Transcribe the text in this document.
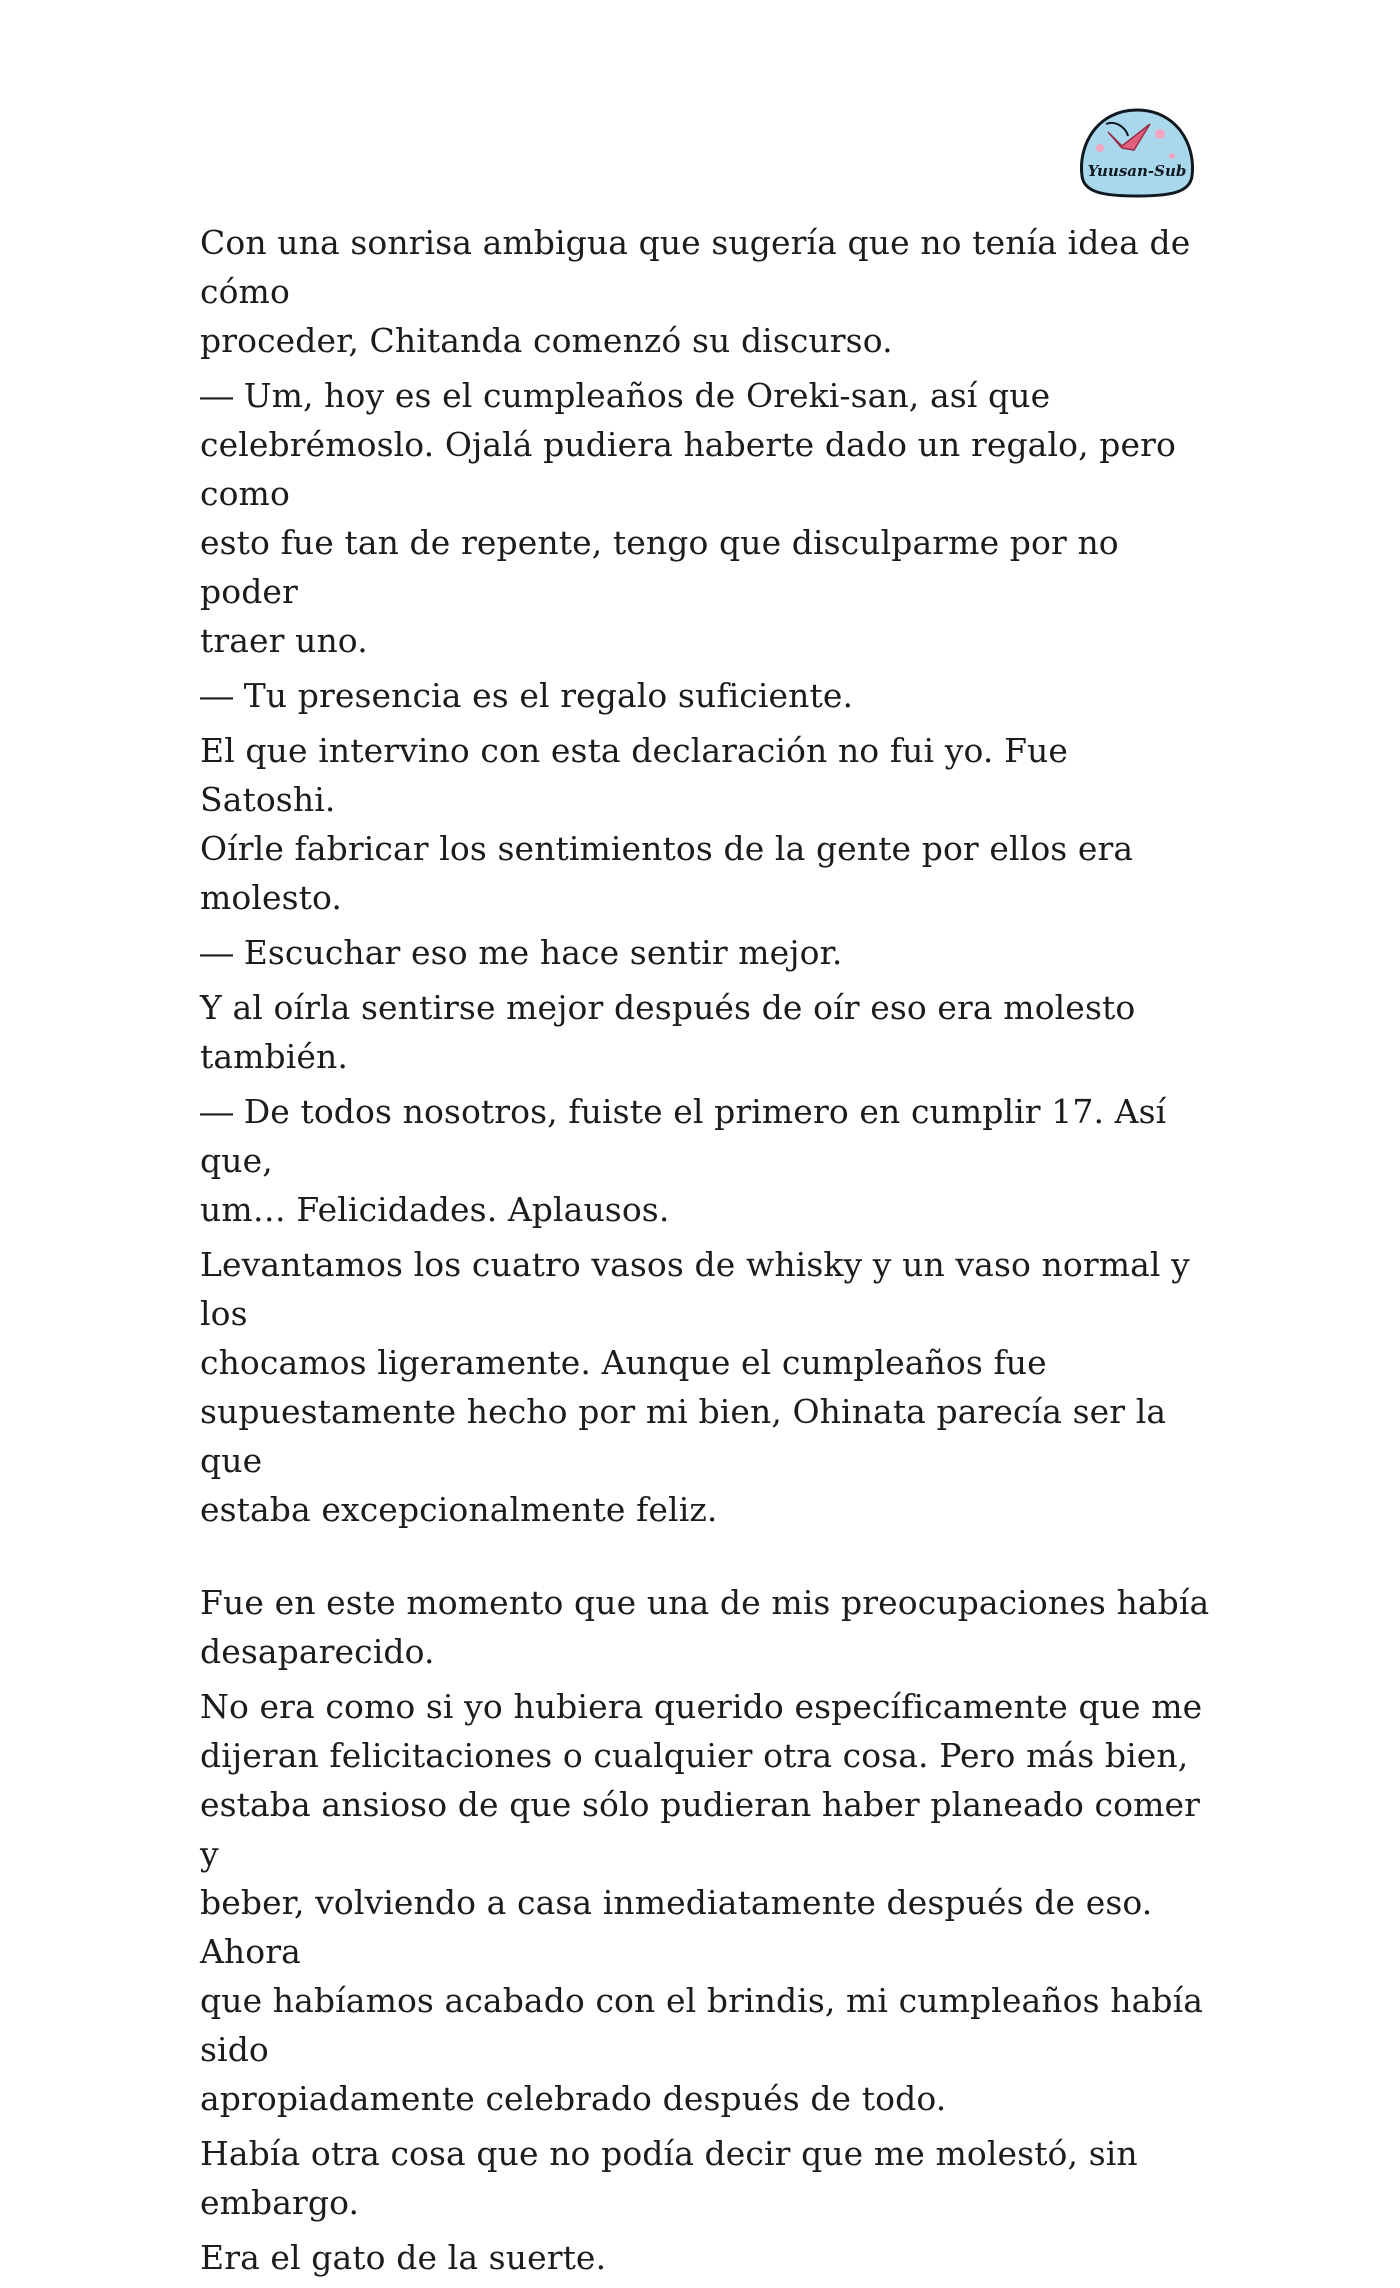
Yuusan-Sub

Con una sonrisa ambigua que sugería que no tenía idea de cómo
proceder, Chitanda comenzó su discurso.

― Um, hoy es el cumpleaños de Oreki-san, así que
celebrémoslo. Ojalá pudiera haberte dado un regalo, pero como
esto fue tan de repente, tengo que disculparme por no poder
traer uno.

― Tu presencia es el regalo suficiente.

El que intervino con esta declaración no fui yo. Fue Satoshi.
Oírle fabricar los sentimientos de la gente por ellos era molesto.

― Escuchar eso me hace sentir mejor.

Y al oírla sentirse mejor después de oír eso era molesto
también.

― De todos nosotros, fuiste el primero en cumplir 17. Así que,
um… Felicidades. Aplausos.

Levantamos los cuatro vasos de whisky y un vaso normal y los
chocamos ligeramente. Aunque el cumpleaños fue
supuestamente hecho por mi bien, Ohinata parecía ser la que
estaba excepcionalmente feliz.

Fue en este momento que una de mis preocupaciones había
desaparecido.

No era como si yo hubiera querido específicamente que me
dijeran felicitaciones o cualquier otra cosa. Pero más bien,
estaba ansioso de que sólo pudieran haber planeado comer y
beber, volviendo a casa inmediatamente después de eso. Ahora
que habíamos acabado con el brindis, mi cumpleaños había sido
apropiadamente celebrado después de todo.

Había otra cosa que no podía decir que me molestó, sin
embargo.

Era el gato de la suerte.
